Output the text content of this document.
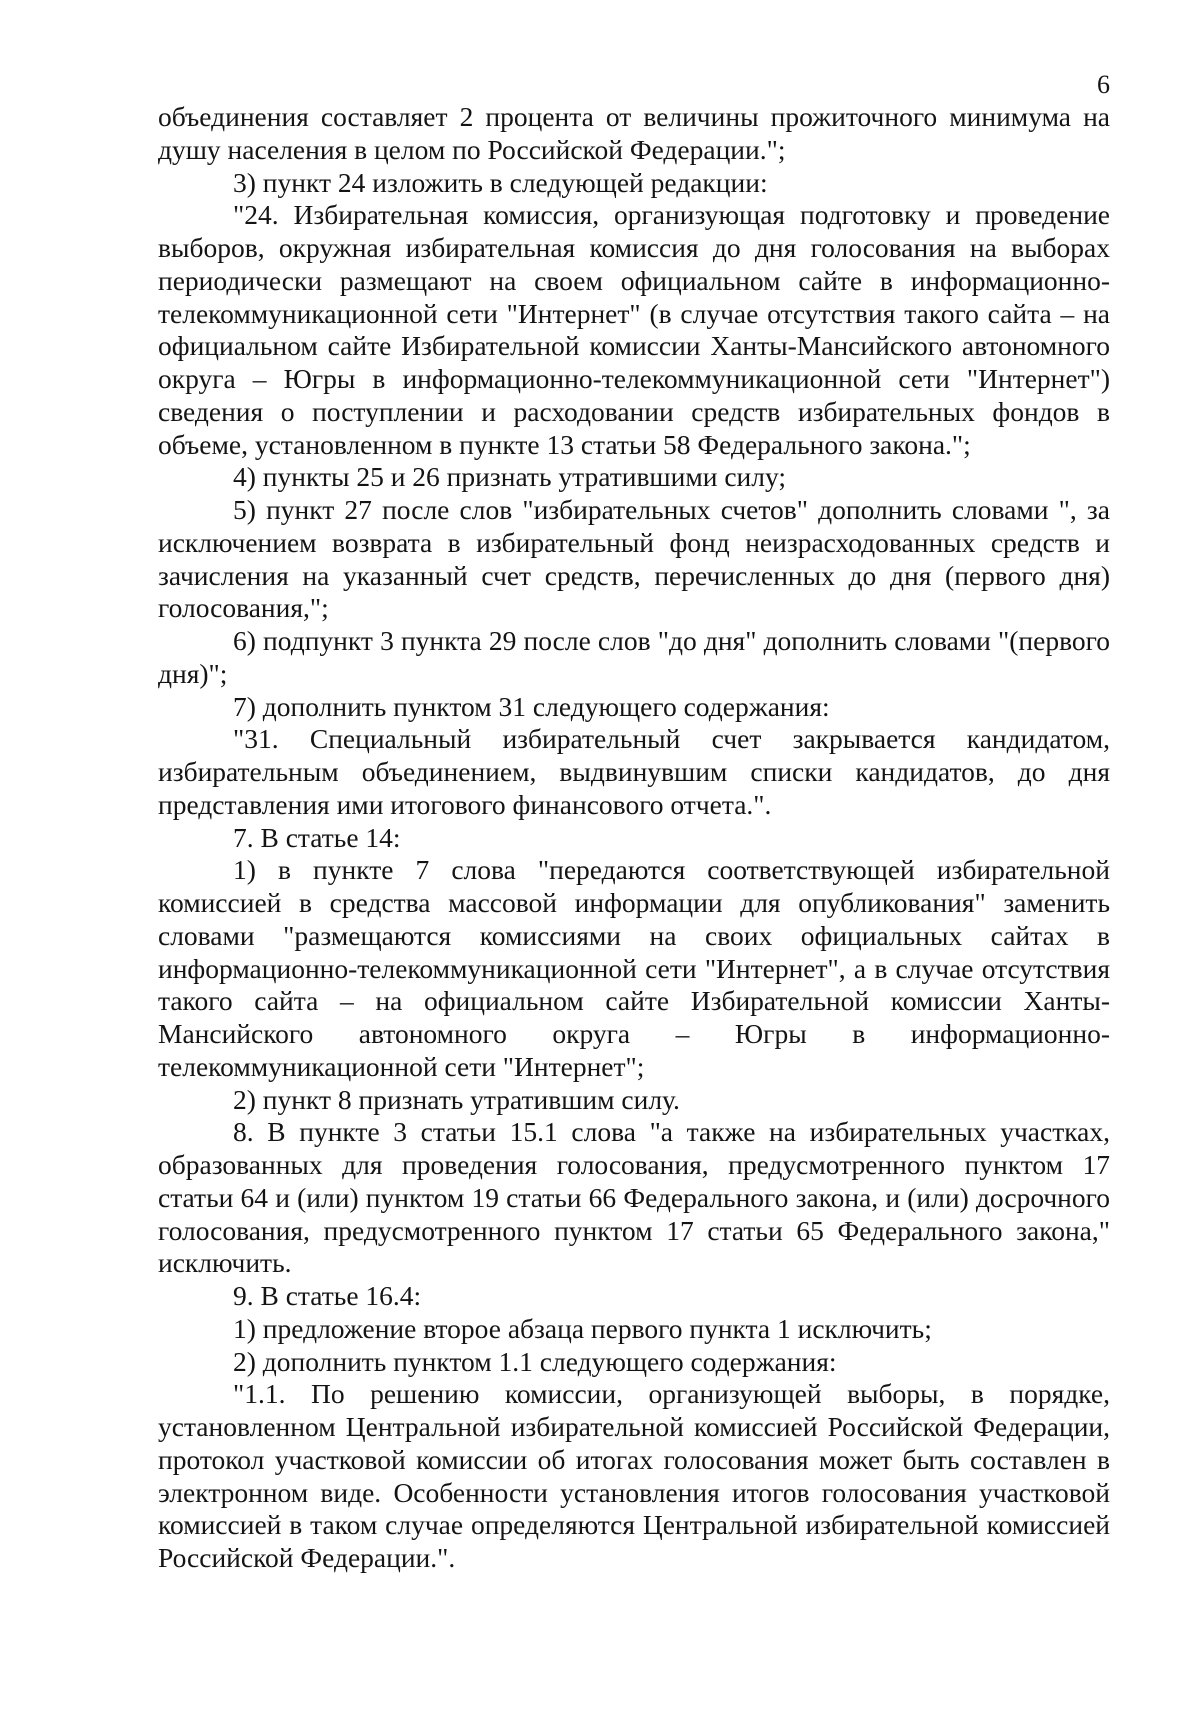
6

объединения составляет 2 процента от величины прожиточного минимума на душу населения в целом по Российской Федерации.";

3) пункт 24 изложить в следующей редакции:

"24. Избирательная комиссия, организующая подготовку и проведение выборов, окружная избирательная комиссия до дня голосования на выборах периодически размещают на своем официальном сайте в информационно-телекоммуникационной сети "Интернет" (в случае отсутствия такого сайта – на официальном сайте Избирательной комиссии Ханты-Мансийского автономного округа – Югры в информационно-телекоммуникационной сети "Интернет") сведения о поступлении и расходовании средств избирательных фондов в объеме, установленном в пункте 13 статьи 58 Федерального закона.";

4) пункты 25 и 26 признать утратившими силу;

5) пункт 27 после слов "избирательных счетов" дополнить словами ", за исключением возврата в избирательный фонд неизрасходованных средств и зачисления на указанный счет средств, перечисленных до дня (первого дня) голосования,";

6) подпункт 3 пункта 29 после слов "до дня" дополнить словами "(первого дня)";

7) дополнить пунктом 31 следующего содержания:

"31. Специальный избирательный счет закрывается кандидатом, избирательным объединением, выдвинувшим списки кандидатов, до дня представления ими итогового финансового отчета.".

7. В статье 14:

1) в пункте 7 слова "передаются соответствующей избирательной комиссией в средства массовой информации для опубликования" заменить словами "размещаются комиссиями на своих официальных сайтах в информационно-телекоммуникационной сети "Интернет", а в случае отсутствия такого сайта – на официальном сайте Избирательной комиссии Ханты-Мансийского автономного округа – Югры в информационно-телекоммуникационной сети "Интернет";

2) пункт 8 признать утратившим силу.

8. В пункте 3 статьи 15.1 слова "а также на избирательных участках, образованных для проведения голосования, предусмотренного пунктом 17 статьи 64 и (или) пунктом 19 статьи 66 Федерального закона, и (или) досрочного голосования, предусмотренного пунктом 17 статьи 65 Федерального закона," исключить.

9. В статье 16.4:

1) предложение второе абзаца первого пункта 1 исключить;

2) дополнить пунктом 1.1 следующего содержания:

"1.1. По решению комиссии, организующей выборы, в порядке, установленном Центральной избирательной комиссией Российской Федерации, протокол участковой комиссии об итогах голосования может быть составлен в электронном виде. Особенности установления итогов голосования участковой комиссией в таком случае определяются Центральной избирательной комиссией Российской Федерации.".
